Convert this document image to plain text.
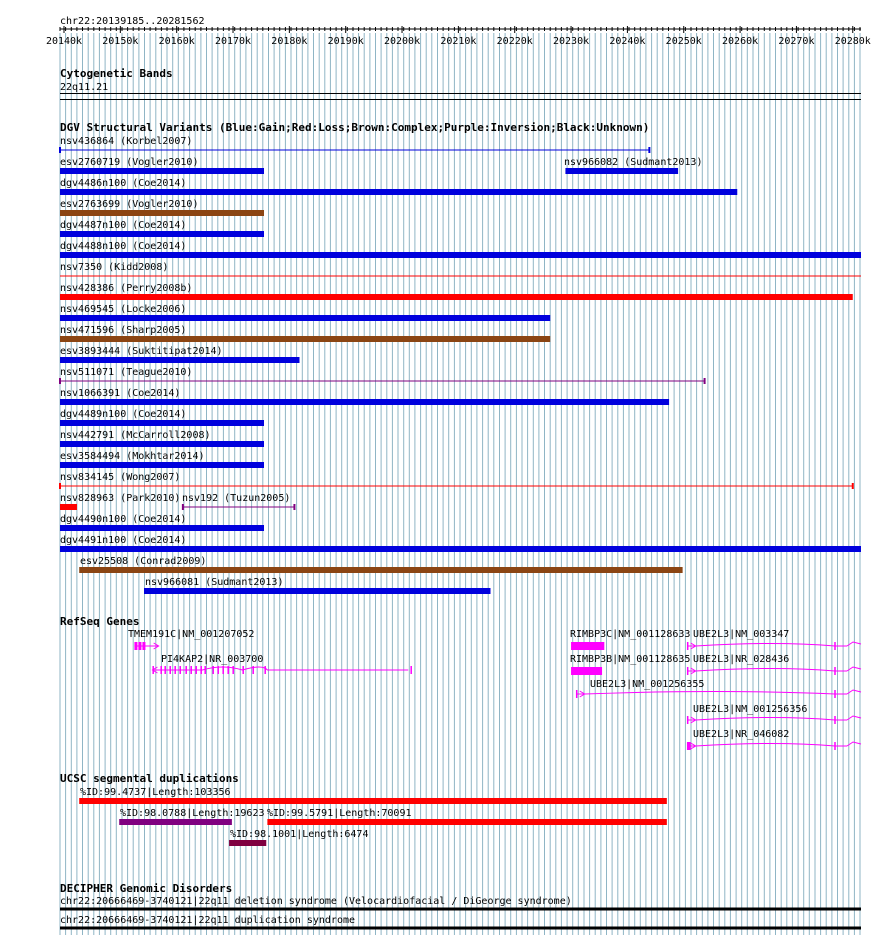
chr22:20139185..20281562
20140k 20150k 20160k 20170k 20180k 20190k 20200k 20210k 20220k 20230k 20240k 20250k 20260k 20270k 20280k
Cytogenetic Bands
22q11.21
DGV Structural Variants (Blue:Gain;Red:Loss;Brown:Complex;Purple:Inversion;Black:Unknown)
nsv436864 (Korbel2007)
esv2760719 (Vogler2010)	nsv966082 (Sudmant2013)
dgv4486n100 (Coe2014)
esv2763699 (Vogler2010)
dgv4487n100 (Coe2014)
dgv4488n100 (Coe2014)
nsv7350 (Kidd2008)
nsv428386 (Perry2008b)
nsv469545 (Locke2006)
nsv471596 (Sharp2005)
esv3893444 (Suktitipat2014)
nsv511071 (Teague2010)
nsv1066391 (Coe2014)
dgv4489n100 (Coe2014)
nsv442791 (McCarroll2008)
esv3584494 (Mokhtar2014)
nsv834145 (Wong2007)
nsv828963 (Park2010) nsv192 (Tuzun2005)
dgv4490n100 (Coe2014)
dgv4491n100 (Coe2014)
esv25508 (Conrad2009)
nsv966081 (Sudmant2013)
RefSeq Genes
TMEM191C|NM_001207052
PI4KAP2|NR_003700
RIMBP3C|NM_001128633
RIMBP3B|NM_001128635
UBE2L3|NM_003347
UBE2L3|NR_028436
UBE2L3|NM_001256355
UBE2L3|NM_001256356
UBE2L3|NR_046082
UCSC segmental duplications
%ID:99.4737|Length:103356
%ID:98.0788|Length:19623 %ID:99.5791|Length:70091
%ID:98.1001|Length:6474
DECIPHER Genomic Disorders
chr22:20666469-3740121|22q11 deletion syndrome (Velocardiofacial / DiGeorge syndrome)
chr22:20666469-3740121|22q11 duplication syndrome
